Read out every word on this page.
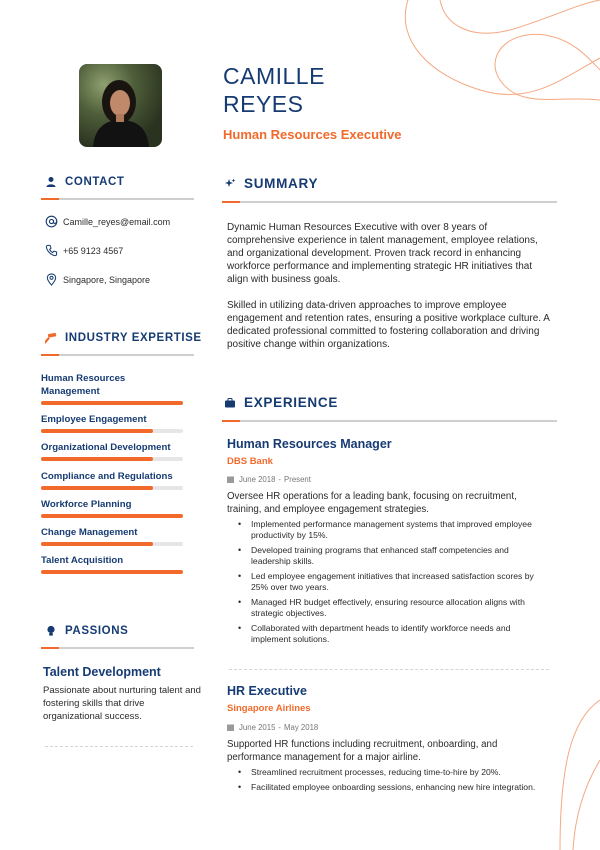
CAMILLE
REYES
Human Resources Executive
CONTACT
Camille_reyes@email.com
+65 9123 4567
Singapore, Singapore
INDUSTRY EXPERTISE
Human Resources Management
Employee Engagement
Organizational Development
Compliance and Regulations
Workforce Planning
Change Management
Talent Acquisition
PASSIONS
Talent Development
Passionate about nurturing talent and fostering skills that drive organizational success.
SUMMARY
Dynamic Human Resources Executive with over 8 years of comprehensive experience in talent management, employee relations, and organizational development. Proven track record in enhancing workforce performance and implementing strategic HR initiatives that align with business goals.
Skilled in utilizing data-driven approaches to improve employee engagement and retention rates, ensuring a positive workplace culture. A dedicated professional committed to fostering collaboration and driving positive change within organizations.
EXPERIENCE
Human Resources Manager
DBS Bank
June 2018 - Present
Oversee HR operations for a leading bank, focusing on recruitment, training, and employee engagement strategies.
• Implemented performance management systems that improved employee productivity by 15%.
• Developed training programs that enhanced staff competencies and leadership skills.
• Led employee engagement initiatives that increased satisfaction scores by 25% over two years.
• Managed HR budget effectively, ensuring resource allocation aligns with strategic objectives.
• Collaborated with department heads to identify workforce needs and implement solutions.
HR Executive
Singapore Airlines
June 2015 - May 2018
Supported HR functions including recruitment, onboarding, and performance management for a major airline.
• Streamlined recruitment processes, reducing time-to-hire by 20%.
• Facilitated employee onboarding sessions, enhancing new hire integration.
